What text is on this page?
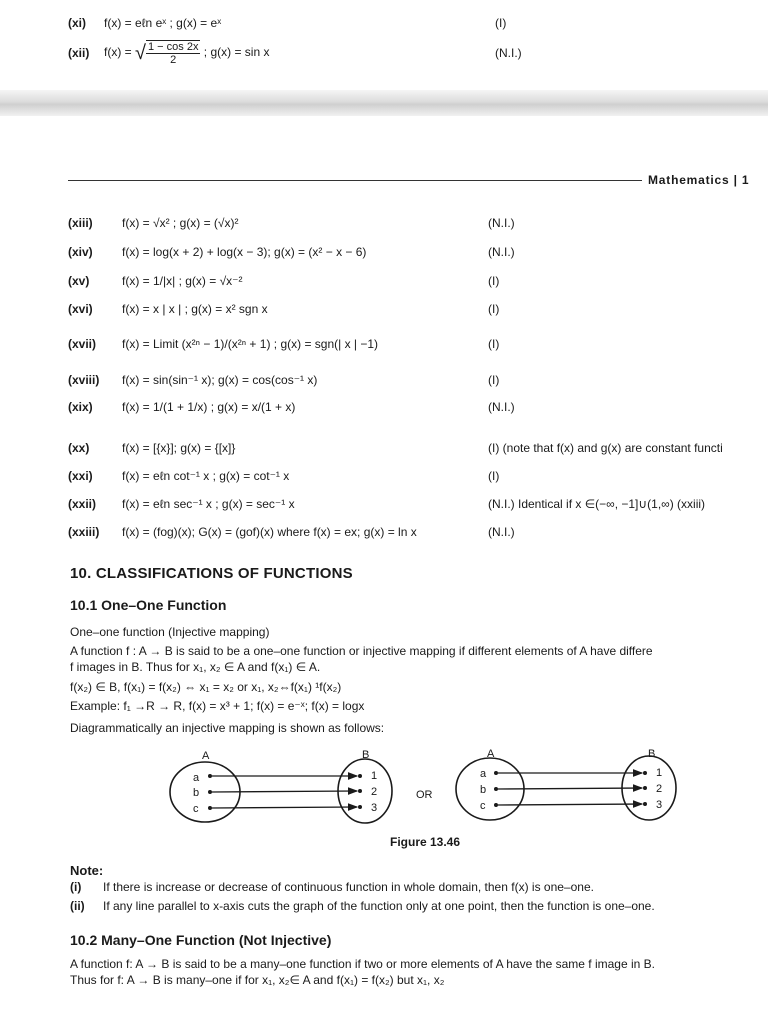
(xi) f(x) = eℓn eˣ ; g(x) = eˣ	(I)
(xii) f(x) = √ $\frac{1 - \cos 2x}{2}$ ; g(x) = sin x	(N.I.)
Mathematics | 1
(xiii) f(x) = √x² ; g(x) = (√x)²	(N.I.)
(xiv) f(x) = log(x + 2) + log(x − 3); g(x) = (x² − x − 6)	(N.I.)
(xv)	f(x) = 1/|x| ; g(x) = √x⁻²	(I)
(xvi) f(x) = x | x | ; g(x) = x² sgn x	(I)
(xvii) f(x) = Limit (x²ⁿ − 1)/(x²ⁿ + 1) ; g(x) = sgn(| x | −1)	(I)
(xviii) f(x) = sin(sin⁻¹ x); g(x) = cos(cos⁻¹ x)	(I)
(xix) f(x) = 1/(1 + 1/x) ; g(x) = x/(1 + x)	(N.I.)
(xx)	f(x) = [{x}]; g(x) = {[x]}	(I) (note that f(x) and g(x) are constant functi
(xxi) f(x) = eℓn cot⁻¹ x ; g(x) = cot⁻¹ x	(I)
(xxii) f(x) = eℓn sec⁻¹ x ; g(x) = sec⁻¹ x	(N.I.) Identical if x ∈(−∞, −1]∪(1,∞) (xxiii)
(xxiii) f(x) = (fog)(x); G(x) = (gof)(x) where f(x) = ex; g(x) = ln x	(N.I.)
10. CLASSIFICATIONS OF FUNCTIONS
10.1 One–One Function
One–one function (Injective mapping)
A function f : A → B is said to be a one–one function or injective mapping if different elements of A have differe
f images in B. Thus for x₁, x₂ ∈ A and f(x₁) ∈ A.
f(x₂) ∈ B, f(x₁) = f(x₂) ⇔ x₁ = x₂ or x₁, x₂⇔f(x₁) ¹f(x₂)
Example: f₁ →R → R, f(x) = x³ + 1; f(x) = e⁻ˣ; f(x) = logx
Diagrammatically an injective mapping is shown as follows:
A	B
a
b
c
1
2
3
OR
A	B
a
b
c
1
2
3
Figure 13.46
Note:
(i) If there is increase or decrease of continuous function in whole domain, then f(x) is one–one.
(ii) If any line parallel to x-axis cuts the graph of the function only at one point, then the function is one–one.
10.2 Many–One Function (Not Injective)
A function f: A → B is said to be a many–one function if two or more elements of A have the same f image in B.
Thus for f: A → B is many–one if for x₁, x₂∈ A and f(x₁) = f(x₂) but x₁, x₂
